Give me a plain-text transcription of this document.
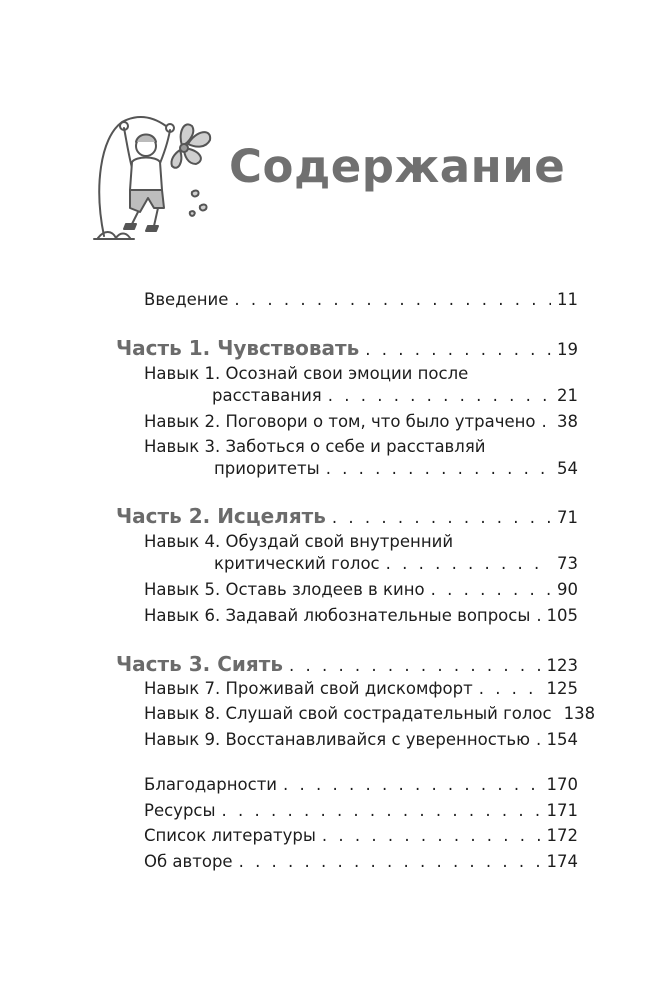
Содержание
Введение . . .	11
Часть 1. Чувствовать . . .	19
Навык 1. Осознай свои эмоции после
расставания . . .	21
Навык 2. Поговори о том, что было утрачено . . . 38
Навык 3. Заботься о себе и расставляй
приоритеты . . .	54
Часть 2. Исцелять . . .	71
Навык 4. Обуздай свой внутренний
критический голос . . .	73
Навык 5. Оставь злодеев в кино . . .	90
Навык 6. Задавай любознательные вопросы . . . 105
Часть 3. Сиять . . .	123
Навык 7. Проживай свой дискомфорт . . .	125
Навык 8. Слушай свой сострадательный голос 138
Навык 9. Восстанавливайся с уверенностью . . . 154
Благодарности . . .	170
Ресурсы . . .	171
Список литературы . . .	172
Об авторе . . .	174
